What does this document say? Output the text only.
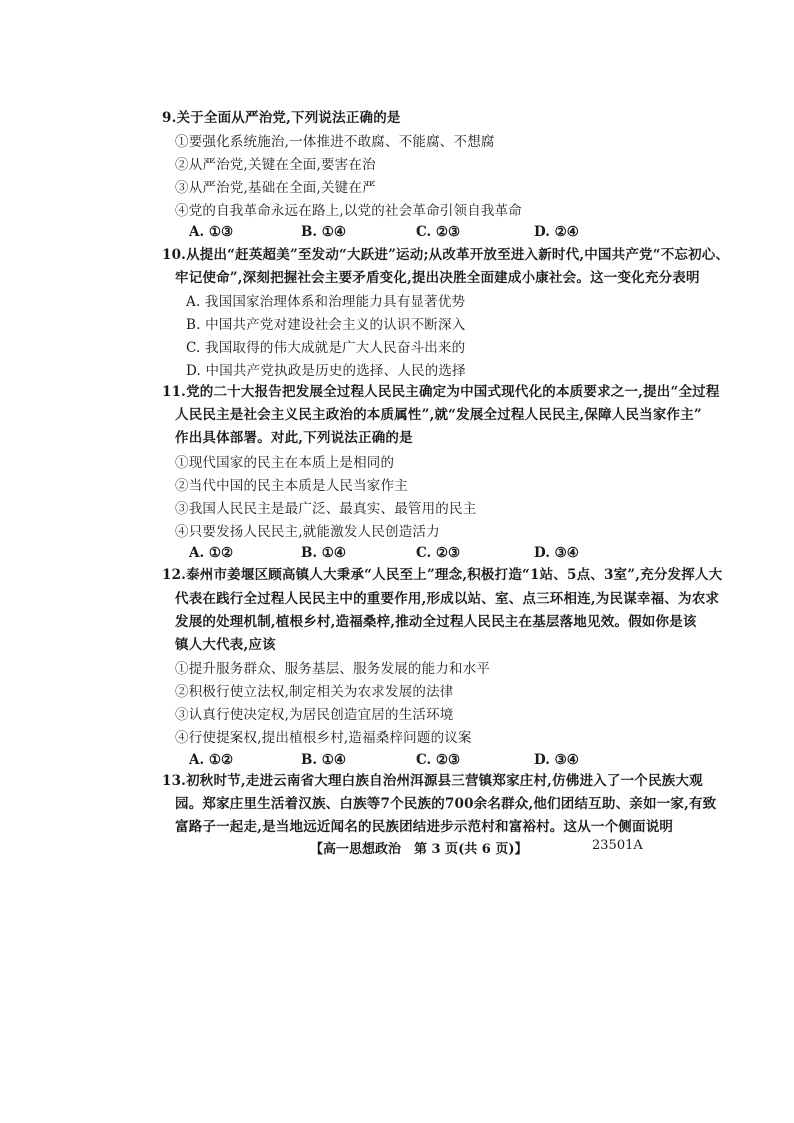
9.关于全面从严治党,下列说法正确的是
①要强化系统施治,一体推进不敢腐、不能腐、不想腐
②从严治党,关键在全面,要害在治
③从严治党,基础在全面,关键在严
④党的自我革命永远在路上,以党的社会革命引领自我革命
A. ①③	B. ①④	C. ②③	D. ②④
10.从提出“赶英超美”至发动“大跃进”运动;从改革开放至进入新时代,中国共产党“不忘初心、
牢记使命”,深刻把握社会主要矛盾变化,提出决胜全面建成小康社会。这一变化充分表明
A. 我国国家治理体系和治理能力具有显著优势
B. 中国共产党对建设社会主义的认识不断深入
C. 我国取得的伟大成就是广大人民奋斗出来的
D. 中国共产党执政是历史的选择、人民的选择
11.党的二十大报告把发展全过程人民民主确定为中国式现代化的本质要求之一,提出“全过程
人民民主是社会主义民主政治的本质属性”,就“发展全过程人民民主,保障人民当家作主”
作出具体部署。对此,下列说法正确的是
①现代国家的民主在本质上是相同的
②当代中国的民主本质是人民当家作主
③我国人民民主是最广泛、最真实、最管用的民主
④只要发扬人民民主,就能激发人民创造活力
A. ①②	B. ①④	C. ②③	D. ③④
12.泰州市姜堰区顾高镇人大秉承“人民至上”理念,积极打造“1站、5点、3室”,充分发挥人大
代表在践行全过程人民民主中的重要作用,形成以站、室、点三环相连,为民谋幸福、为农求
发展的处理机制,植根乡村,造福桑梓,推动全过程人民民主在基层落地见效。假如你是该
镇人大代表,应该
①提升服务群众、服务基层、服务发展的能力和水平
②积极行使立法权,制定相关为农求发展的法律
③认真行使决定权,为居民创造宜居的生活环境
④行使提案权,提出植根乡村,造福桑梓问题的议案
A. ①②	B. ①④	C. ②③	D. ③④
13.初秋时节,走进云南省大理白族自治州洱源县三营镇郑家庄村,仿佛进入了一个民族大观
园。郑家庄里生活着汉族、白族等7个民族的700余名群众,他们团结互助、亲如一家,有致
富路子一起走,是当地远近闻名的民族团结进步示范村和富裕村。这从一个侧面说明
【高一思想政治　第 3 页(共 6 页)】	23501A
